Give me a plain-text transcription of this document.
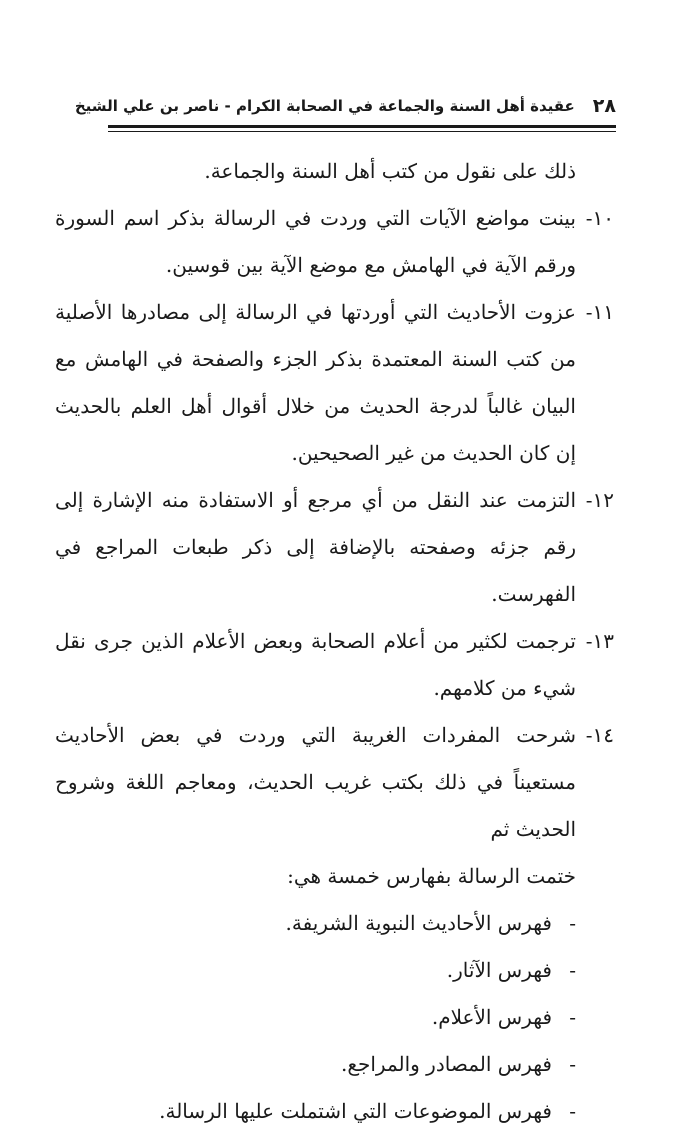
٢٨
عقيدة أهل السنة والجماعة في الصحابة الكرام - ناصر بن علي الشيخ
ذلك على نقول من كتب أهل السنة والجماعة.
١٠-
بينت مواضع الآيات التي وردت في الرسالة بذكر اسم السورة ورقم الآية في الهامش مع موضع الآية بين قوسين.
١١-
عزوت الأحاديث التي أوردتها في الرسالة إلى مصادرها الأصلية من كتب السنة المعتمدة بذكر الجزء والصفحة في الهامش مع البيان غالباً لدرجة الحديث من خلال أقوال أهل العلم بالحديث إن كان الحديث من غير الصحيحين.
١٢-
التزمت عند النقل من أي مرجع أو الاستفادة منه الإشارة إلى رقم جزئه وصفحته بالإضافة إلى ذكر طبعات المراجع في الفهرست.
١٣-
ترجمت لكثير من أعلام الصحابة وبعض الأعلام الذين جرى نقل شيء من كلامهم.
١٤-
شرحت المفردات الغريبة التي وردت في بعض الأحاديث مستعيناً في ذلك بكتب غريب الحديث، ومعاجم اللغة وشروح الحديث ثم
ختمت الرسالة بفهارس خمسة هي:
-
فهرس الأحاديث النبوية الشريفة.
-
فهرس الآثار.
-
فهرس الأعلام.
-
فهرس المصادر والمراجع.
-
فهرس الموضوعات التي اشتملت عليها الرسالة.
